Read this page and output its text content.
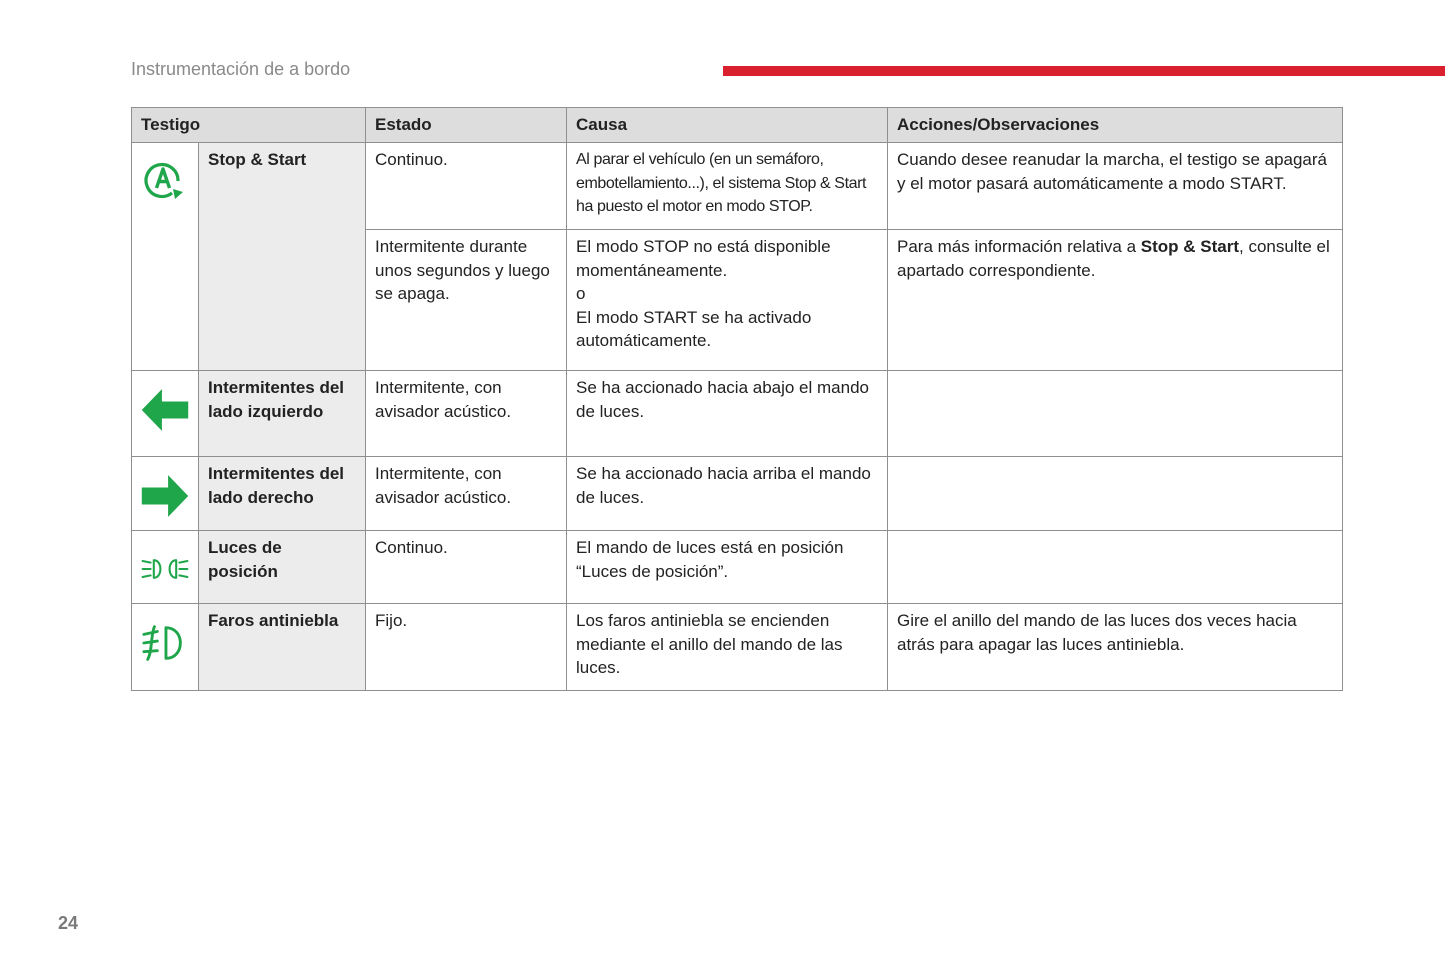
Instrumentación de a bordo
Testigo		Estado	Causa	Acciones/Observaciones

	Stop & Start	Continuo.	Al parar el vehículo (en un semáforo, embotellamiento...), el sistema Stop & Start ha puesto el motor en modo STOP.	Cuando desee reanudar la marcha, el testigo se apagará y el motor pasará automáticamente a modo START.
		Intermitente durante unos segundos y luego se apaga.	El modo STOP no está disponible momentáneamente.
o
El modo START se ha activado automáticamente.	Para más información relativa a Stop & Start, consulte el apartado correspondiente.

	Intermitentes del lado izquierdo	Intermitente, con avisador acústico.	Se ha accionado hacia abajo el mando de luces.	

	Intermitentes del lado derecho	Intermitente, con avisador acústico.	Se ha accionado hacia arriba el mando de luces.	

	Luces de posición	Continuo.	El mando de luces está en posición “Luces de posición”.	

	Faros antiniebla	Fijo.	Los faros antiniebla se encienden mediante el anillo del mando de las luces.	Gire el anillo del mando de las luces dos veces hacia atrás para apagar las luces antiniebla.
24
